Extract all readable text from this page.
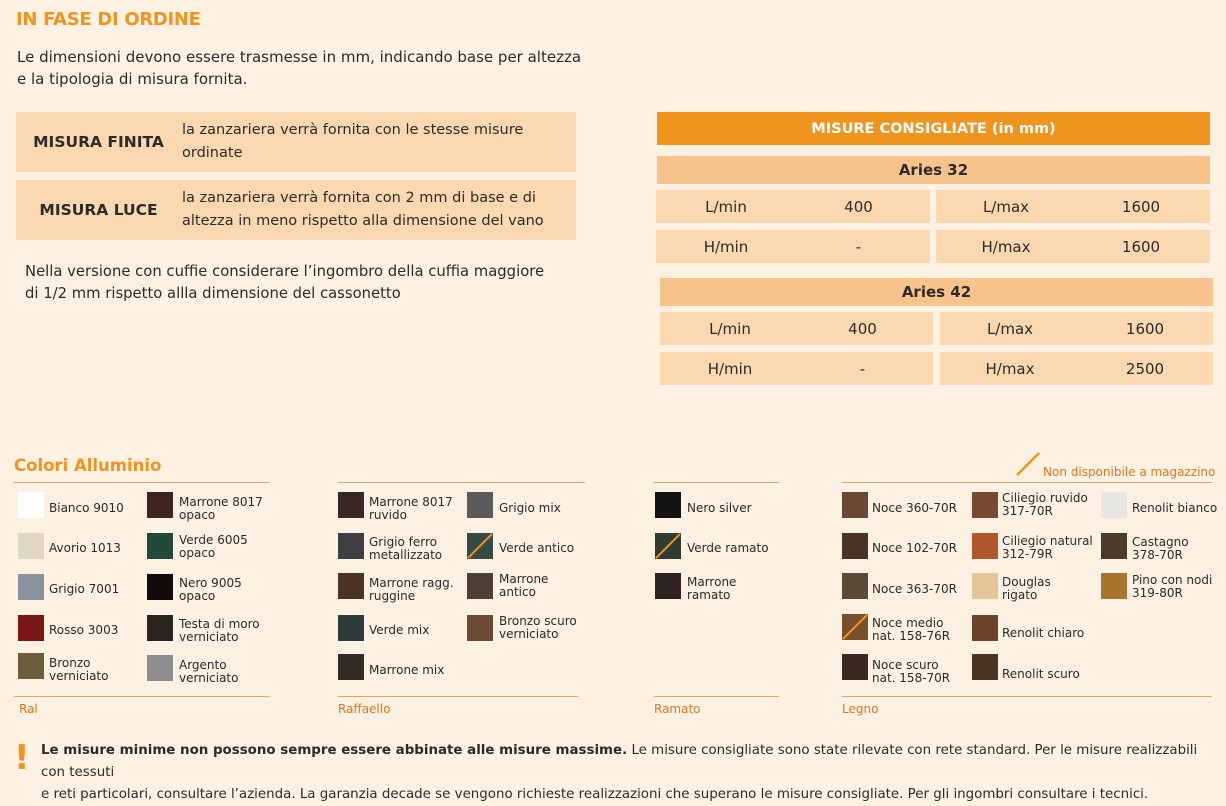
IN FASE DI ORDINE
Le dimensioni devono essere trasmesse in mm, indicando base per altezza
e la tipologia di misura fornita.
MISURA FINITA
la zanzariera verrà fornita con le stesse misure
ordinate
MISURA LUCE
la zanzariera verrà fornita con 2 mm di base e di
altezza in meno rispetto alla dimensione del vano
Nella versione con cuffie considerare l’ingombro della cuffia maggiore
di 1/2 mm rispetto allla dimensione del cassonetto
MISURE CONSIGLIATE (in mm)
Aries 32
L/min	400	L/max	1600
H/min	-	H/max	1600
Aries 42
L/min	400	L/max	1600
H/min	-	H/max	2500
Colori Alluminio	Non disponibile a magazzino
Bianco 9010
Avorio 1013
Grigio 7001
Rosso 3003
Bronzo
verniciato
Marrone 8017
opaco
Verde 6005
opaco
Nero 9005
opaco
Testa di moro
verniciato
Argento
verniciato
Marrone 8017
ruvido
Grigio ferro
metallizzato
Marrone ragg.
ruggine
Verde mix
Marrone mix
Grigio mix
Verde antico
Marrone
antico
Bronzo scuro
verniciato
Nero silver
Verde ramato
Marrone
ramato
Noce 360-70R
Noce 102-70R
Noce 363-70R
Noce medio
nat. 158-76R
Noce scuro
nat. 158-70R
Ciliegio ruvido
317-70R
Ciliegio natural
312-79R
Douglas
rigato
Renolit chiaro
Renolit scuro
Renolit bianco
Castagno
378-70R
Pino con nodi
319-80R
Ral	Raffaello	Ramato	Legno
! Le misure minime non possono sempre essere abbinate alle misure massime. Le misure consigliate sono state rilevate con rete standard. Per le misure realizzabili con tessuti
e reti particolari, consultare l’azienda. La garanzia decade se vengono richieste realizzazioni che superano le misure consigliate. Per gli ingombri consultare i tecnici.
